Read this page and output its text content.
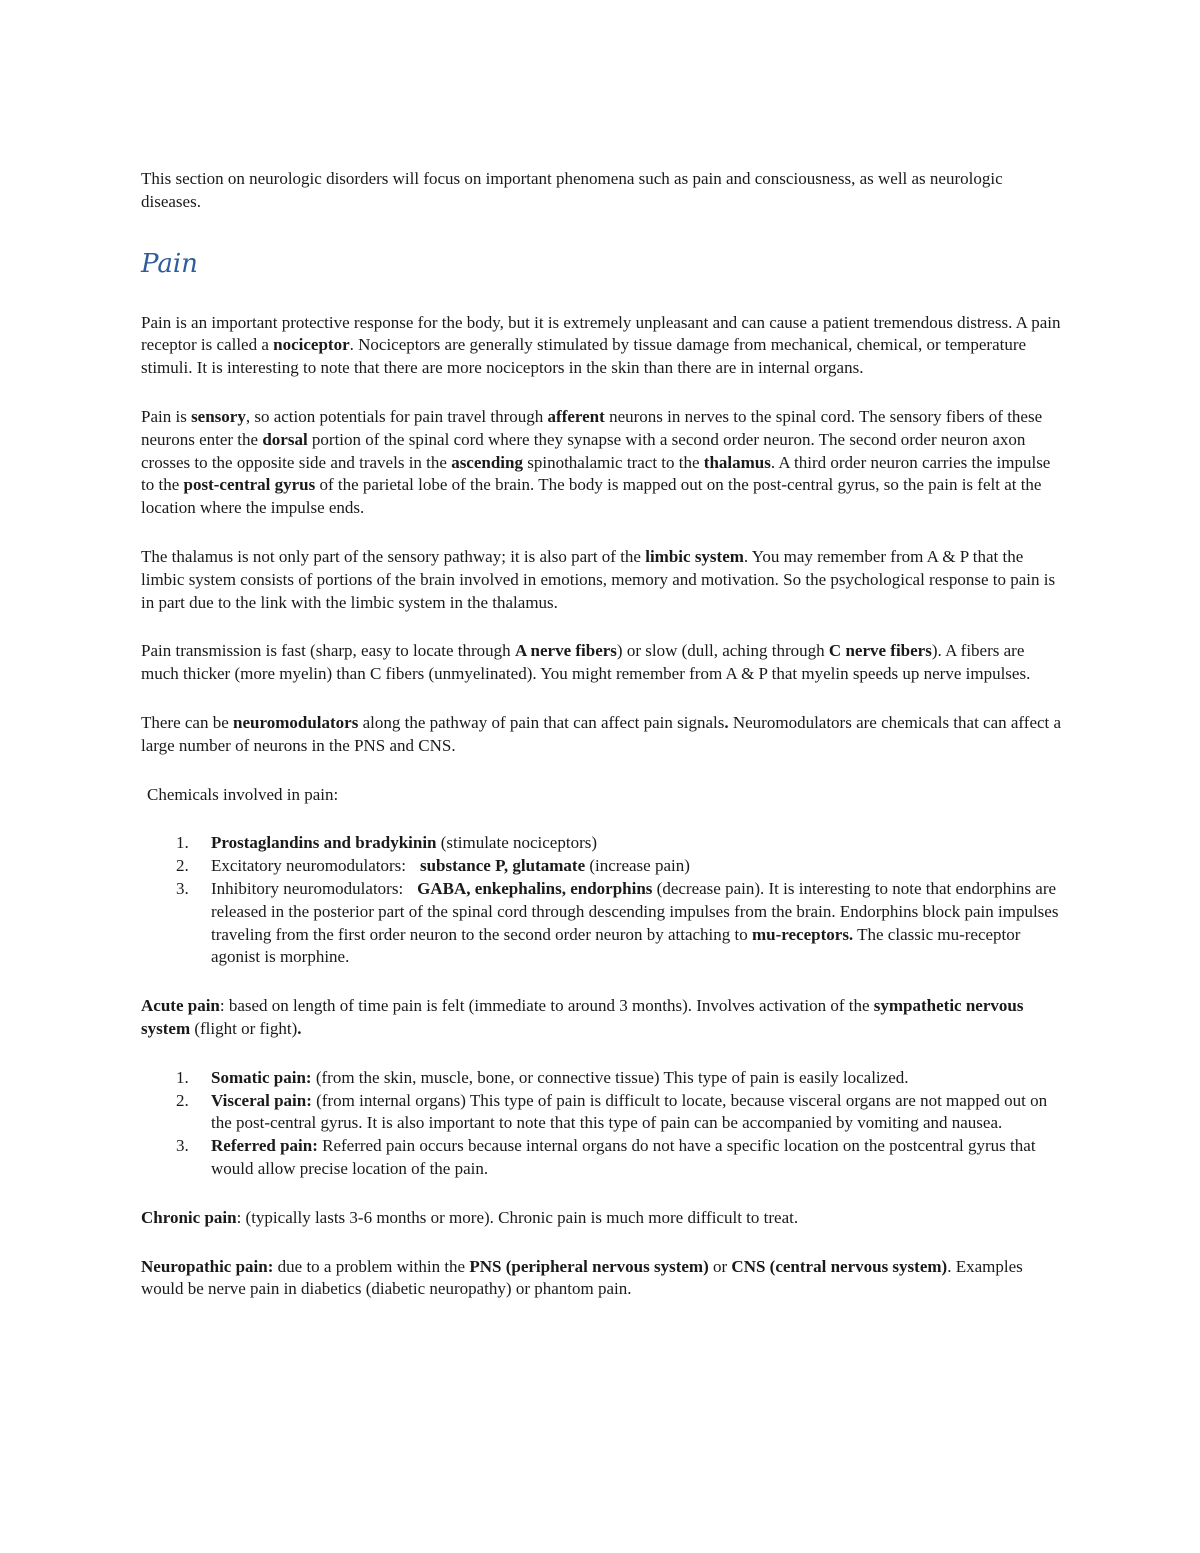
This section on neurologic disorders will focus on important phenomena such as pain and consciousness, as well as neurologic diseases.

Pain

Pain is an important protective response for the body, but it is extremely unpleasant and can cause a patient tremendous distress. A pain receptor is called a nociceptor. Nociceptors are generally stimulated by tissue damage from mechanical, chemical, or temperature stimuli. It is interesting to note that there are more nociceptors in the skin than there are in internal organs.

Pain is sensory, so action potentials for pain travel through afferent neurons in nerves to the spinal cord. The sensory fibers of these neurons enter the dorsal portion of the spinal cord where they synapse with a second order neuron. The second order neuron axon crosses to the opposite side and travels in the ascending spinothalamic tract to the thalamus. A third order neuron carries the impulse to the post-central gyrus of the parietal lobe of the brain. The body is mapped out on the post-central gyrus, so the pain is felt at the location where the impulse ends.

The thalamus is not only part of the sensory pathway; it is also part of the limbic system. You may remember from A & P that the limbic system consists of portions of the brain involved in emotions, memory and motivation. So the psychological response to pain is in part due to the link with the limbic system in the thalamus.

Pain transmission is fast (sharp, easy to locate through A nerve fibers) or slow (dull, aching through C nerve fibers). A fibers are much thicker (more myelin) than C fibers (unmyelinated). You might remember from A & P that myelin speeds up nerve impulses.

There can be neuromodulators along the pathway of pain that can affect pain signals. Neuromodulators are chemicals that can affect a large number of neurons in the PNS and CNS.

Chemicals involved in pain:

1. Prostaglandins and bradykinin (stimulate nociceptors)
2. Excitatory neuromodulators: substance P, glutamate (increase pain)
3. Inhibitory neuromodulators: GABA, enkephalins, endorphins (decrease pain). It is interesting to note that endorphins are released in the posterior part of the spinal cord through descending impulses from the brain. Endorphins block pain impulses traveling from the first order neuron to the second order neuron by attaching to mu-receptors. The classic mu-receptor agonist is morphine.

Acute pain: based on length of time pain is felt (immediate to around 3 months). Involves activation of the sympathetic nervous system (flight or fight).

1. Somatic pain: (from the skin, muscle, bone, or connective tissue) This type of pain is easily localized.
2. Visceral pain: (from internal organs) This type of pain is difficult to locate, because visceral organs are not mapped out on the post-central gyrus. It is also important to note that this type of pain can be accompanied by vomiting and nausea.
3. Referred pain: Referred pain occurs because internal organs do not have a specific location on the postcentral gyrus that would allow precise location of the pain.

Chronic pain: (typically lasts 3-6 months or more). Chronic pain is much more difficult to treat.

Neuropathic pain: due to a problem within the PNS (peripheral nervous system) or CNS (central nervous system). Examples would be nerve pain in diabetics (diabetic neuropathy) or phantom pain.
